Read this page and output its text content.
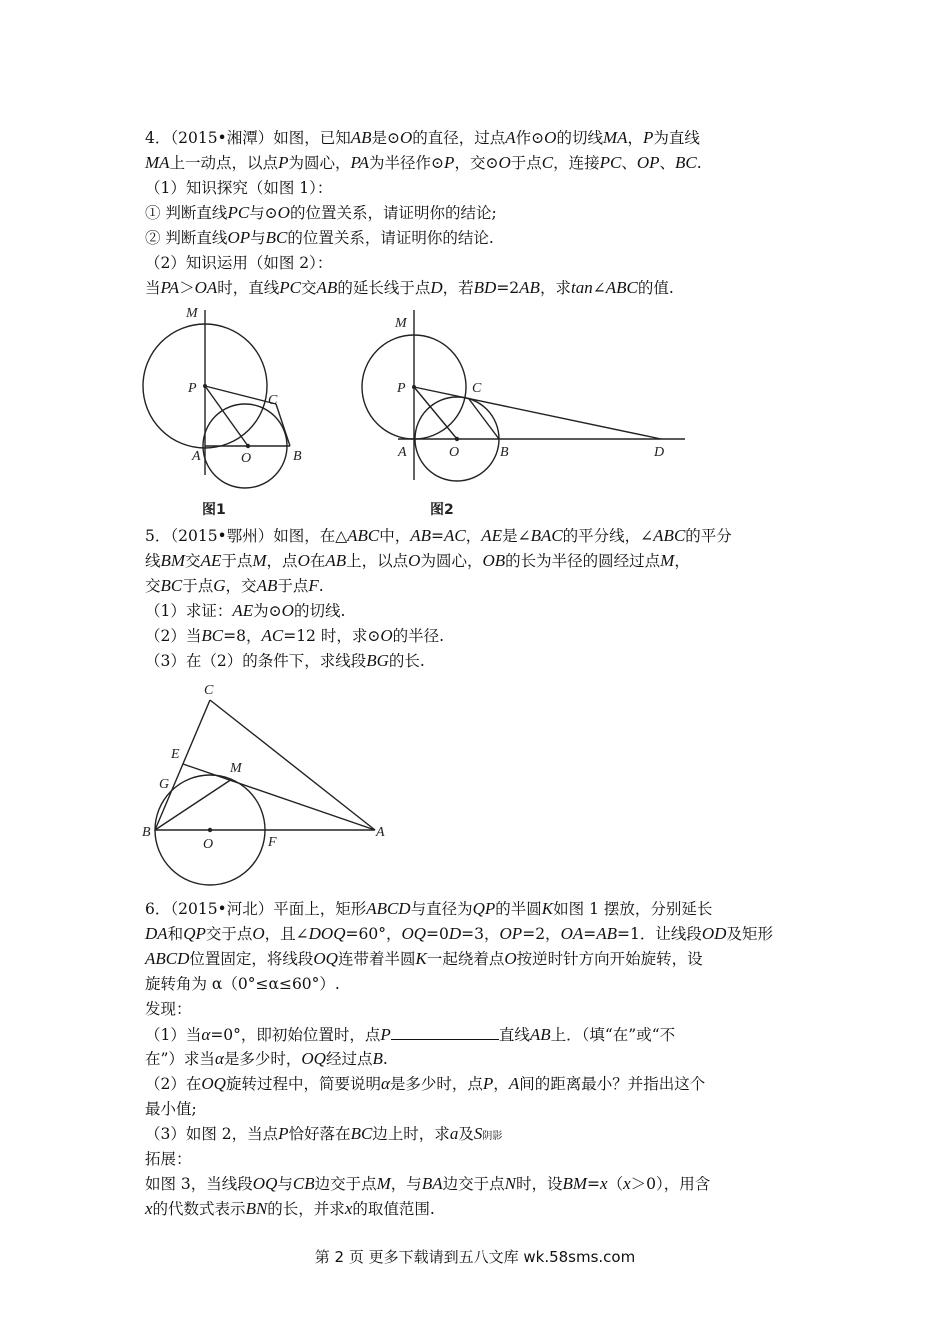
4．（2015•湘潭）如图，已知AB是⊙O的直径，过点A作⊙O的切线MA，P为直线
MA上一动点，以点P为圆心，PA为半径作⊙P，交⊙O于点C，连接PC、OP、BC.
（1）知识探究（如图 1）：
① 判断直线PC与⊙O的位置关系，请证明你的结论;
② 判断直线OP与BC的位置关系，请证明你的结论.
（2）知识运用（如图 2）：
当PA＞OA时，直线PC交AB的延长线于点D，若BD=2AB，求tan∠ABC的值.
M
P
C
A	O	B
图1
M
P	C
A	O	B	D
图2
5．（2015•鄂州）如图，在△ABC中，AB=AC，AE是∠BAC的平分线，∠ABC的平分
线BM交AE于点M，点O在AB上，以点O为圆心，OB的长为半径的圆经过点M，
交BC于点G，交AB于点F.
（1）求证：AE为⊙O的切线.
（2）当BC=8，AC=12 时，求⊙O的半径.
（3）在（2）的条件下，求线段BG的长.
C
E
M
G
B
O	F
A
6．（2015•河北）平面上，矩形ABCD与直径为QP的半圆K如图 1 摆放，分别延长
DA和QP交于点O，且∠DOQ=60°，OQ=0D=3，OP=2，OA=AB=1．让线段OD及矩形
ABCD位置固定，将线段OQ连带着半圆K一起绕着点O按逆时针方向开始旋转，设
旋转角为 α（0°≤α≤60°）.
发现：
（1）当α=0°，即初始位置时，点P	直线AB上．（填“在”或“不
在”）求当α是多少时，OQ经过点B.
（2）在OQ旋转过程中，简要说明α是多少时，点P，A间的距离最小？并指出这个
最小值;
（3）如图 2，当点P恰好落在BC边上时，求a及S阴影
拓展：
如图 3，当线段OQ与CB边交于点M，与BA边交于点N时，设BM=x（x＞0），用含
x的代数式表示BN的长，并求x的取值范围.
第 2 页 更多下载请到五八文库 wk.58sms.com
